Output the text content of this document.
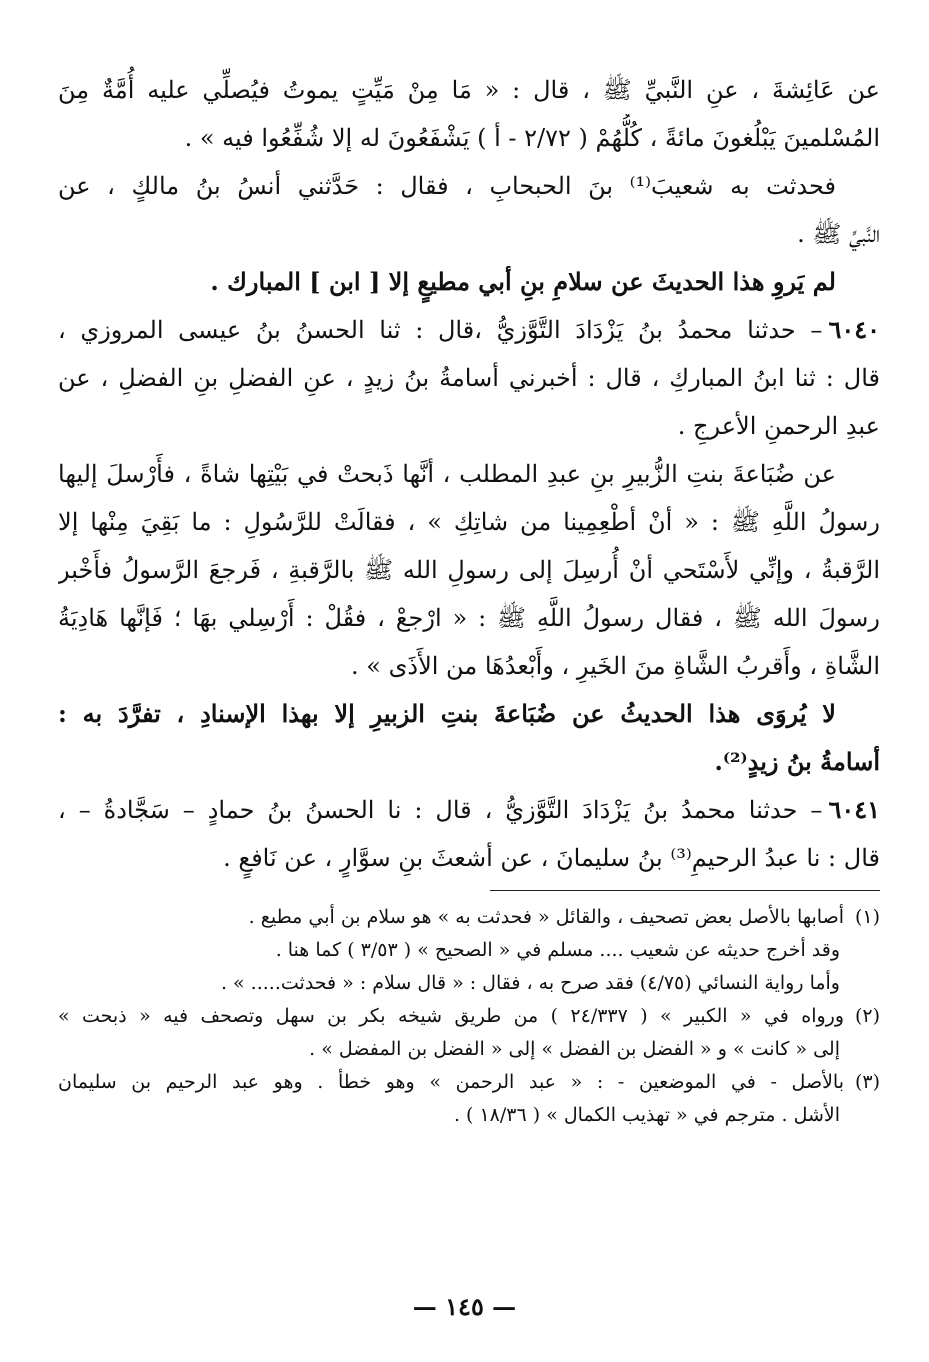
عن عَائِشةَ ، عنِ النَّبيِّ ﷺ ، قال : « مَا مِنْ مَيِّتٍ يموتُ فيُصلِّي عليه أُمَّةٌ مِنَ
المُسْلمينَ يَبْلُغونَ مائةً ، كُلُّهُمْ ( ٢/٧٢ - أ ) يَشْفَعُونَ له إلا شُفِّعُوا فيه » .
فحدثت به شعيبَ⁽¹⁾ بنَ الحبحابِ ، فقال : حَدَّثني أنسُ بنُ مالكٍ ، عن
النَّبيِّ ﷺ .
لم يَروِ هذا الحديثَ عن سلامِ بنِ أبي مطيعٍ إلا [ ابن ] المبارك .
٦٠٤٠– حدثنا محمدُ بنُ يَزْدَادَ التَّوَّزيُّ ،قال : ثنا الحسنُ بنُ عيسى المروزي ،
قال : ثنا ابنُ المباركِ ، قال : أخبرني أسامةُ بنُ زيدٍ ، عنِ الفضلِ بنِ الفضلِ ، عن
عبدِ الرحمنِ الأعرجِ .
عن ضُبَاعةَ بنتِ الزُّبيرِ بنِ عبدِ المطلب ، أنَّها ذَبحتْ في بَيْتِها شاةً ، فأَرْسلَ إليها
رسولُ اللَّهِ ﷺ : « أنْ أطْعِمِينا من شاتِكِ » ، فقالَتْ للرَّسُولِ : ما بَقِيَ مِنْها إلا
الرَّقبةُ ، وإنِّي لأَسْتَحي أنْ أُرسِلَ إلى رسولِ الله ﷺ بالرَّقبةِ ، فَرجعَ الرَّسولُ فأَخْبر
رسولَ الله ﷺ ، فقال رسولُ اللَّهِ ﷺ : « ارْجعْ ، فقُلْ : أَرْسِلي بهَا ؛ فَإنَّها هَادِيَةُ
الشَّاةِ ، وأَقربُ الشَّاةِ منَ الخَيرِ ، وأَبْعدُهَا من الأَذَى » .
لا يُروَى هذا الحديثُ عن ضُبَاعةَ بنتِ الزبيرِ إلا بهذا الإسنادِ ، تفرَّدَ به :
أسامةُ بنُ زيدٍ⁽²⁾.
٦٠٤١– حدثنا محمدُ بنُ يَزْدَادَ التَّوَّزيُّ ، قال : نا الحسنُ بنُ حمادٍ – سَجَّادةُ – ،
قال : نا عبدُ الرحيمِ⁽³⁾ بنُ سليمانَ ، عن أشعثَ بنِ سوَّارٍ ، عن نَافعٍ .
(١)أصابها بالأصل بعض تصحيف ، والقائل « فحدثت به » هو سلام بن أبي مطيع .
وقد أخرج حديثه عن شعيب .... مسلم في « الصحيح » ( ٣/٥٣ ) كما هنا .
وأما رواية النسائي (٤/٧٥) فقد صرح به ، فقال : « قال سلام : « فحدثت..... » .
(٢)ورواه في « الكبير » ( ٢٤/٣٣٧ ) من طريق شيخه بكر بن سهل وتصحف فيه « ذبحت »
إلى « كانت » و « الفضل بن الفضل » إلى « الفضل بن المفضل » .
(٣)بالأصل - في الموضعين - : « عبد الرحمن » وهو خطأ . وهو عبد الرحيم بن سليمان
الأشل . مترجم في « تهذيب الكمال » ( ١٨/٣٦ ) .
— ١٤٥ —
